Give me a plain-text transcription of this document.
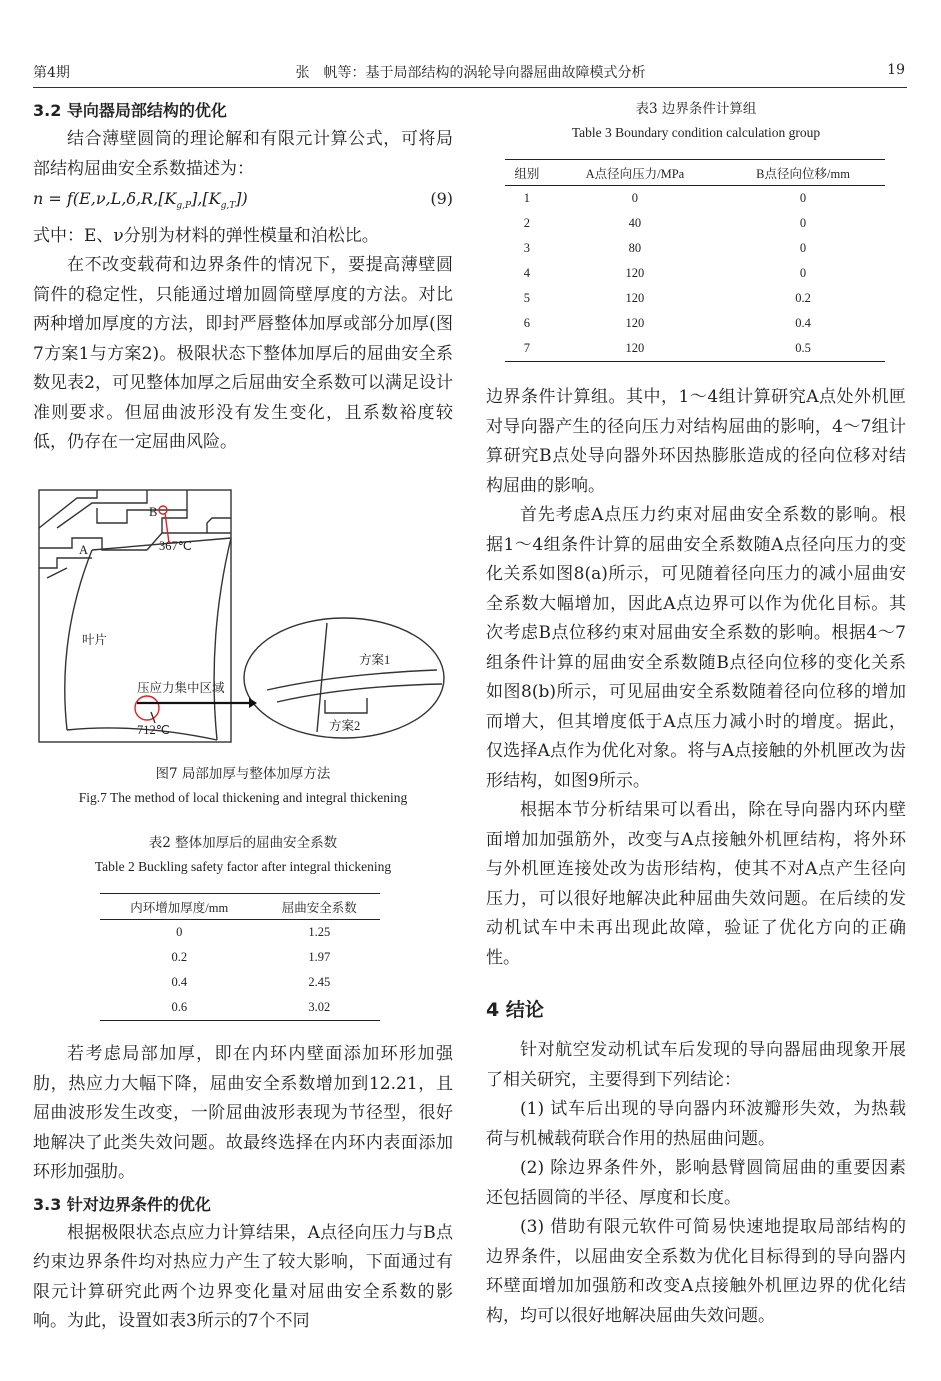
第4期	张　帆等：基于局部结构的涡轮导向器屈曲故障模式分析	19

3.2 导向器局部结构的优化

结合薄壁圆筒的理论解和有限元计算公式，可将局部结构屈曲安全系数描述为：

$n = f(E,\nu,L,\delta,R,[K_{g,P}],[K_{g,T}])$	(9)

式中：E、ν分别为材料的弹性模量和泊松比。

在不改变载荷和边界条件的情况下，要提高薄壁圆筒件的稳定性，只能通过增加圆筒壁厚度的方法。对比两种增加厚度的方法，即封严唇整体加厚或部分加厚(图7方案1与方案2)。极限状态下整体加厚后的屈曲安全系数见表2，可见整体加厚之后屈曲安全系数可以满足设计准则要求。但屈曲波形没有发生变化，且系数裕度较低，仍存在一定屈曲风险。

B
A	367℃
叶片
压应力集中区域
712℃
方案1
方案2

图7 局部加厚与整体加厚方法

Fig.7 The method of local thickening and integral thickening

表2 整体加厚后的屈曲安全系数

Table 2 Buckling safety factor after integral thickening

内环增加厚度/mm	屈曲安全系数
0	1.25
0.2	1.97
0.4	2.45
0.6	3.02

若考虑局部加厚，即在内环内壁面添加环形加强肋，热应力大幅下降，屈曲安全系数增加到12.21，且屈曲波形发生改变，一阶屈曲波形表现为节径型，很好地解决了此类失效问题。故最终选择在内环内表面添加环形加强肋。

3.3 针对边界条件的优化

根据极限状态点应力计算结果，A点径向压力与B点约束边界条件均对热应力产生了较大影响，下面通过有限元计算研究此两个边界变化量对屈曲安全系数的影响。为此，设置如表3所示的7个不同

表3 边界条件计算组

Table 3 Boundary condition calculation group

组别	A点径向压力/MPa	B点径向位移/mm
1	0	0
2	40	0
3	80	0
4	120	0
5	120	0.2
6	120	0.4
7	120	0.5

边界条件计算组。其中，1～4组计算研究A点处外机匣对导向器产生的径向压力对结构屈曲的影响，4～7组计算研究B点处导向器外环因热膨胀造成的径向位移对结构屈曲的影响。

首先考虑A点压力约束对屈曲安全系数的影响。根据1～4组条件计算的屈曲安全系数随A点径向压力的变化关系如图8(a)所示，可见随着径向压力的减小屈曲安全系数大幅增加，因此A点边界可以作为优化目标。其次考虑B点位移约束对屈曲安全系数的影响。根据4～7组条件计算的屈曲安全系数随B点径向位移的变化关系如图8(b)所示，可见屈曲安全系数随着径向位移的增加而增大，但其增度低于A点压力减小时的增度。据此，仅选择A点作为优化对象。将与A点接触的外机匣改为齿形结构，如图9所示。

根据本节分析结果可以看出，除在导向器内环内壁面增加加强筋外，改变与A点接触外机匣结构，将外环与外机匣连接处改为齿形结构，使其不对A点产生径向压力，可以很好地解决此种屈曲失效问题。在后续的发动机试车中未再出现此故障，验证了优化方向的正确性。

4 结论

针对航空发动机试车后发现的导向器屈曲现象开展了相关研究，主要得到下列结论：

(1) 试车后出现的导向器内环波瓣形失效，为热载荷与机械载荷联合作用的热屈曲问题。

(2) 除边界条件外，影响悬臂圆筒屈曲的重要因素还包括圆筒的半径、厚度和长度。

(3) 借助有限元软件可简易快速地提取局部结构的边界条件，以屈曲安全系数为优化目标得到的导向器内环壁面增加加强筋和改变A点接触外机匣边界的优化结构，均可以很好地解决屈曲失效问题。
